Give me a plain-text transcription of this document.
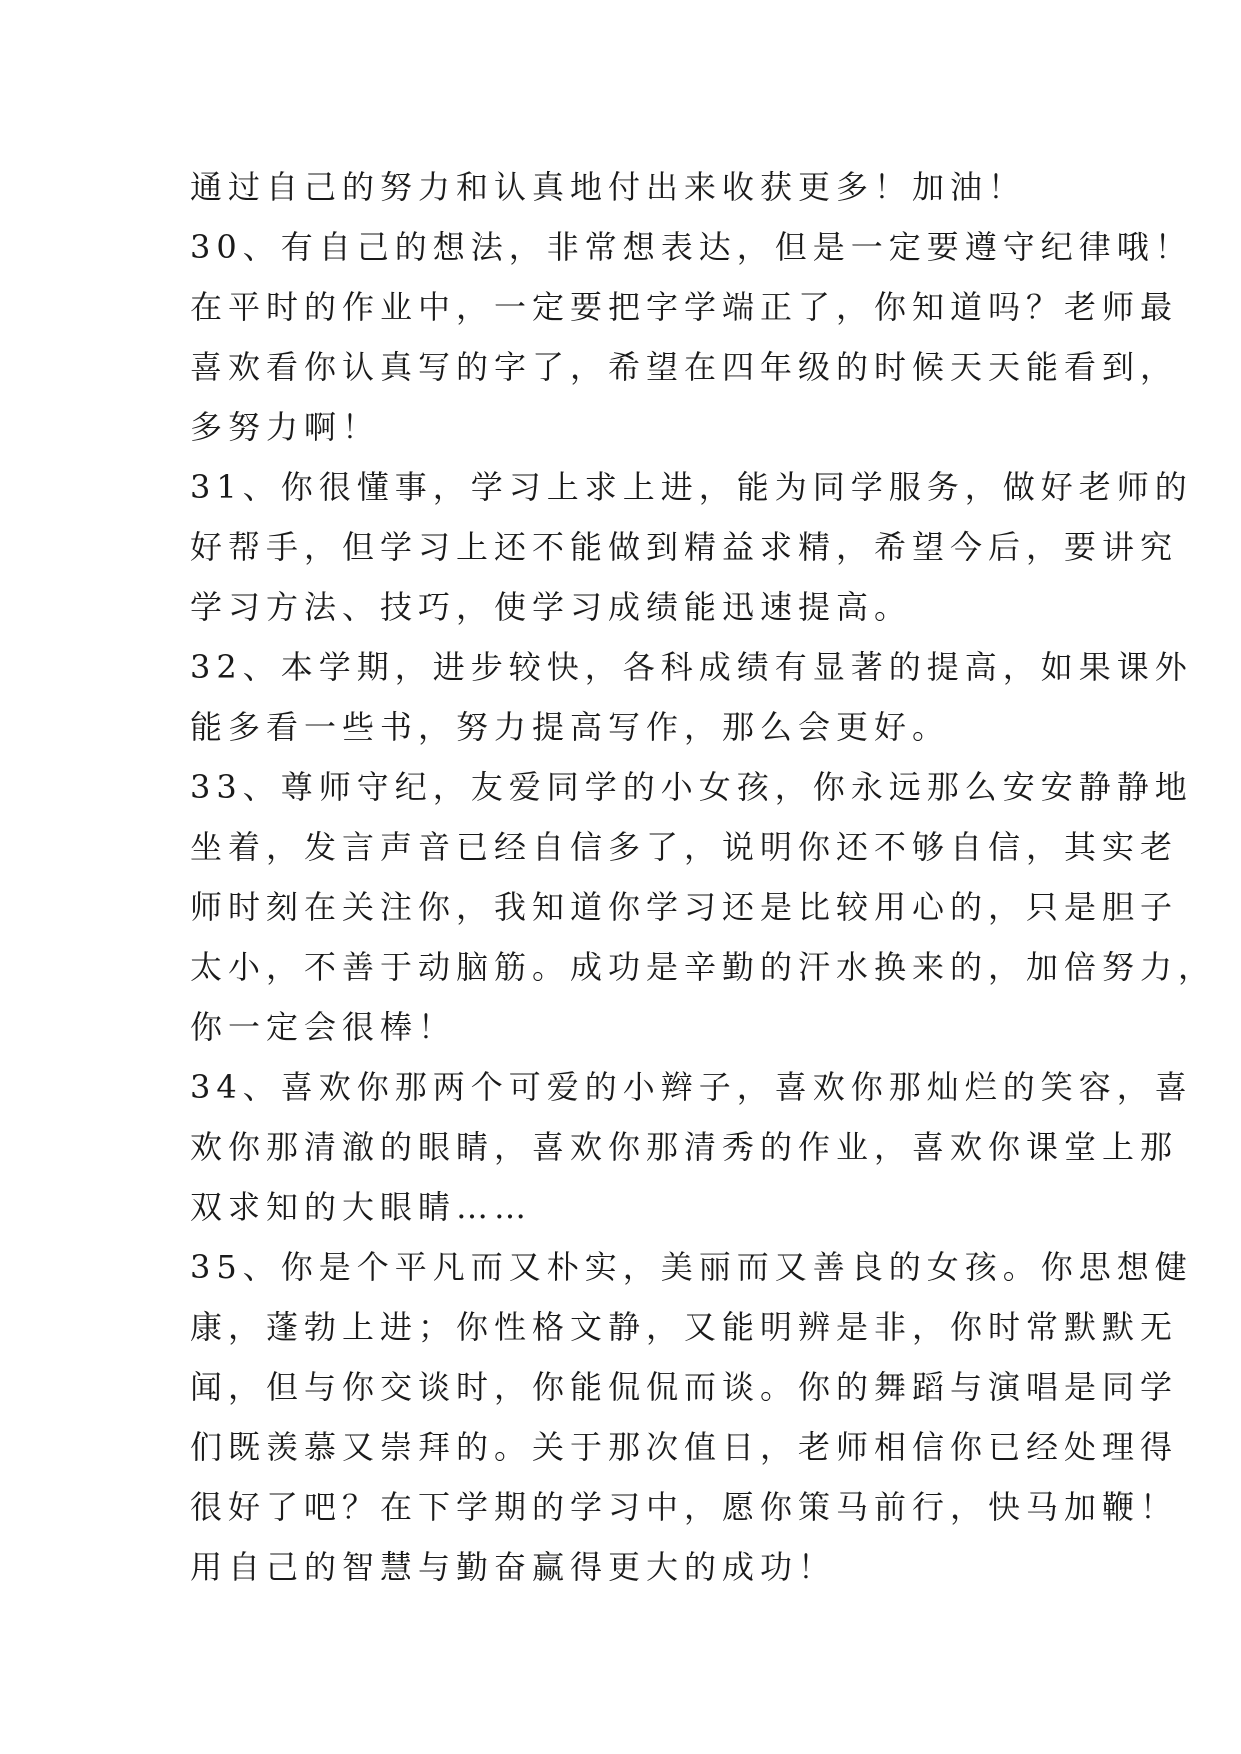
通过自己的努力和认真地付出来收获更多！加油！
30、有自己的想法，非常想表达，但是一定要遵守纪律哦！
在平时的作业中，一定要把字学端正了，你知道吗？老师最
喜欢看你认真写的字了，希望在四年级的时候天天能看到，
多努力啊！
31、你很懂事，学习上求上进，能为同学服务，做好老师的
好帮手，但学习上还不能做到精益求精，希望今后，要讲究
学习方法、技巧，使学习成绩能迅速提高。
32、本学期，进步较快，各科成绩有显著的提高，如果课外
能多看一些书，努力提高写作，那么会更好。
33、尊师守纪，友爱同学的小女孩，你永远那么安安静静地
坐着，发言声音已经自信多了，说明你还不够自信，其实老
师时刻在关注你，我知道你学习还是比较用心的，只是胆子
太小，不善于动脑筋。成功是辛勤的汗水换来的，加倍努力，
你一定会很棒！
34、喜欢你那两个可爱的小辫子，喜欢你那灿烂的笑容，喜
欢你那清澈的眼睛，喜欢你那清秀的作业，喜欢你课堂上那
双求知的大眼睛……
35、你是个平凡而又朴实，美丽而又善良的女孩。你思想健
康，蓬勃上进；你性格文静，又能明辨是非，你时常默默无
闻，但与你交谈时，你能侃侃而谈。你的舞蹈与演唱是同学
们既羡慕又崇拜的。关于那次值日，老师相信你已经处理得
很好了吧？在下学期的学习中，愿你策马前行，快马加鞭！
用自己的智慧与勤奋赢得更大的成功！
